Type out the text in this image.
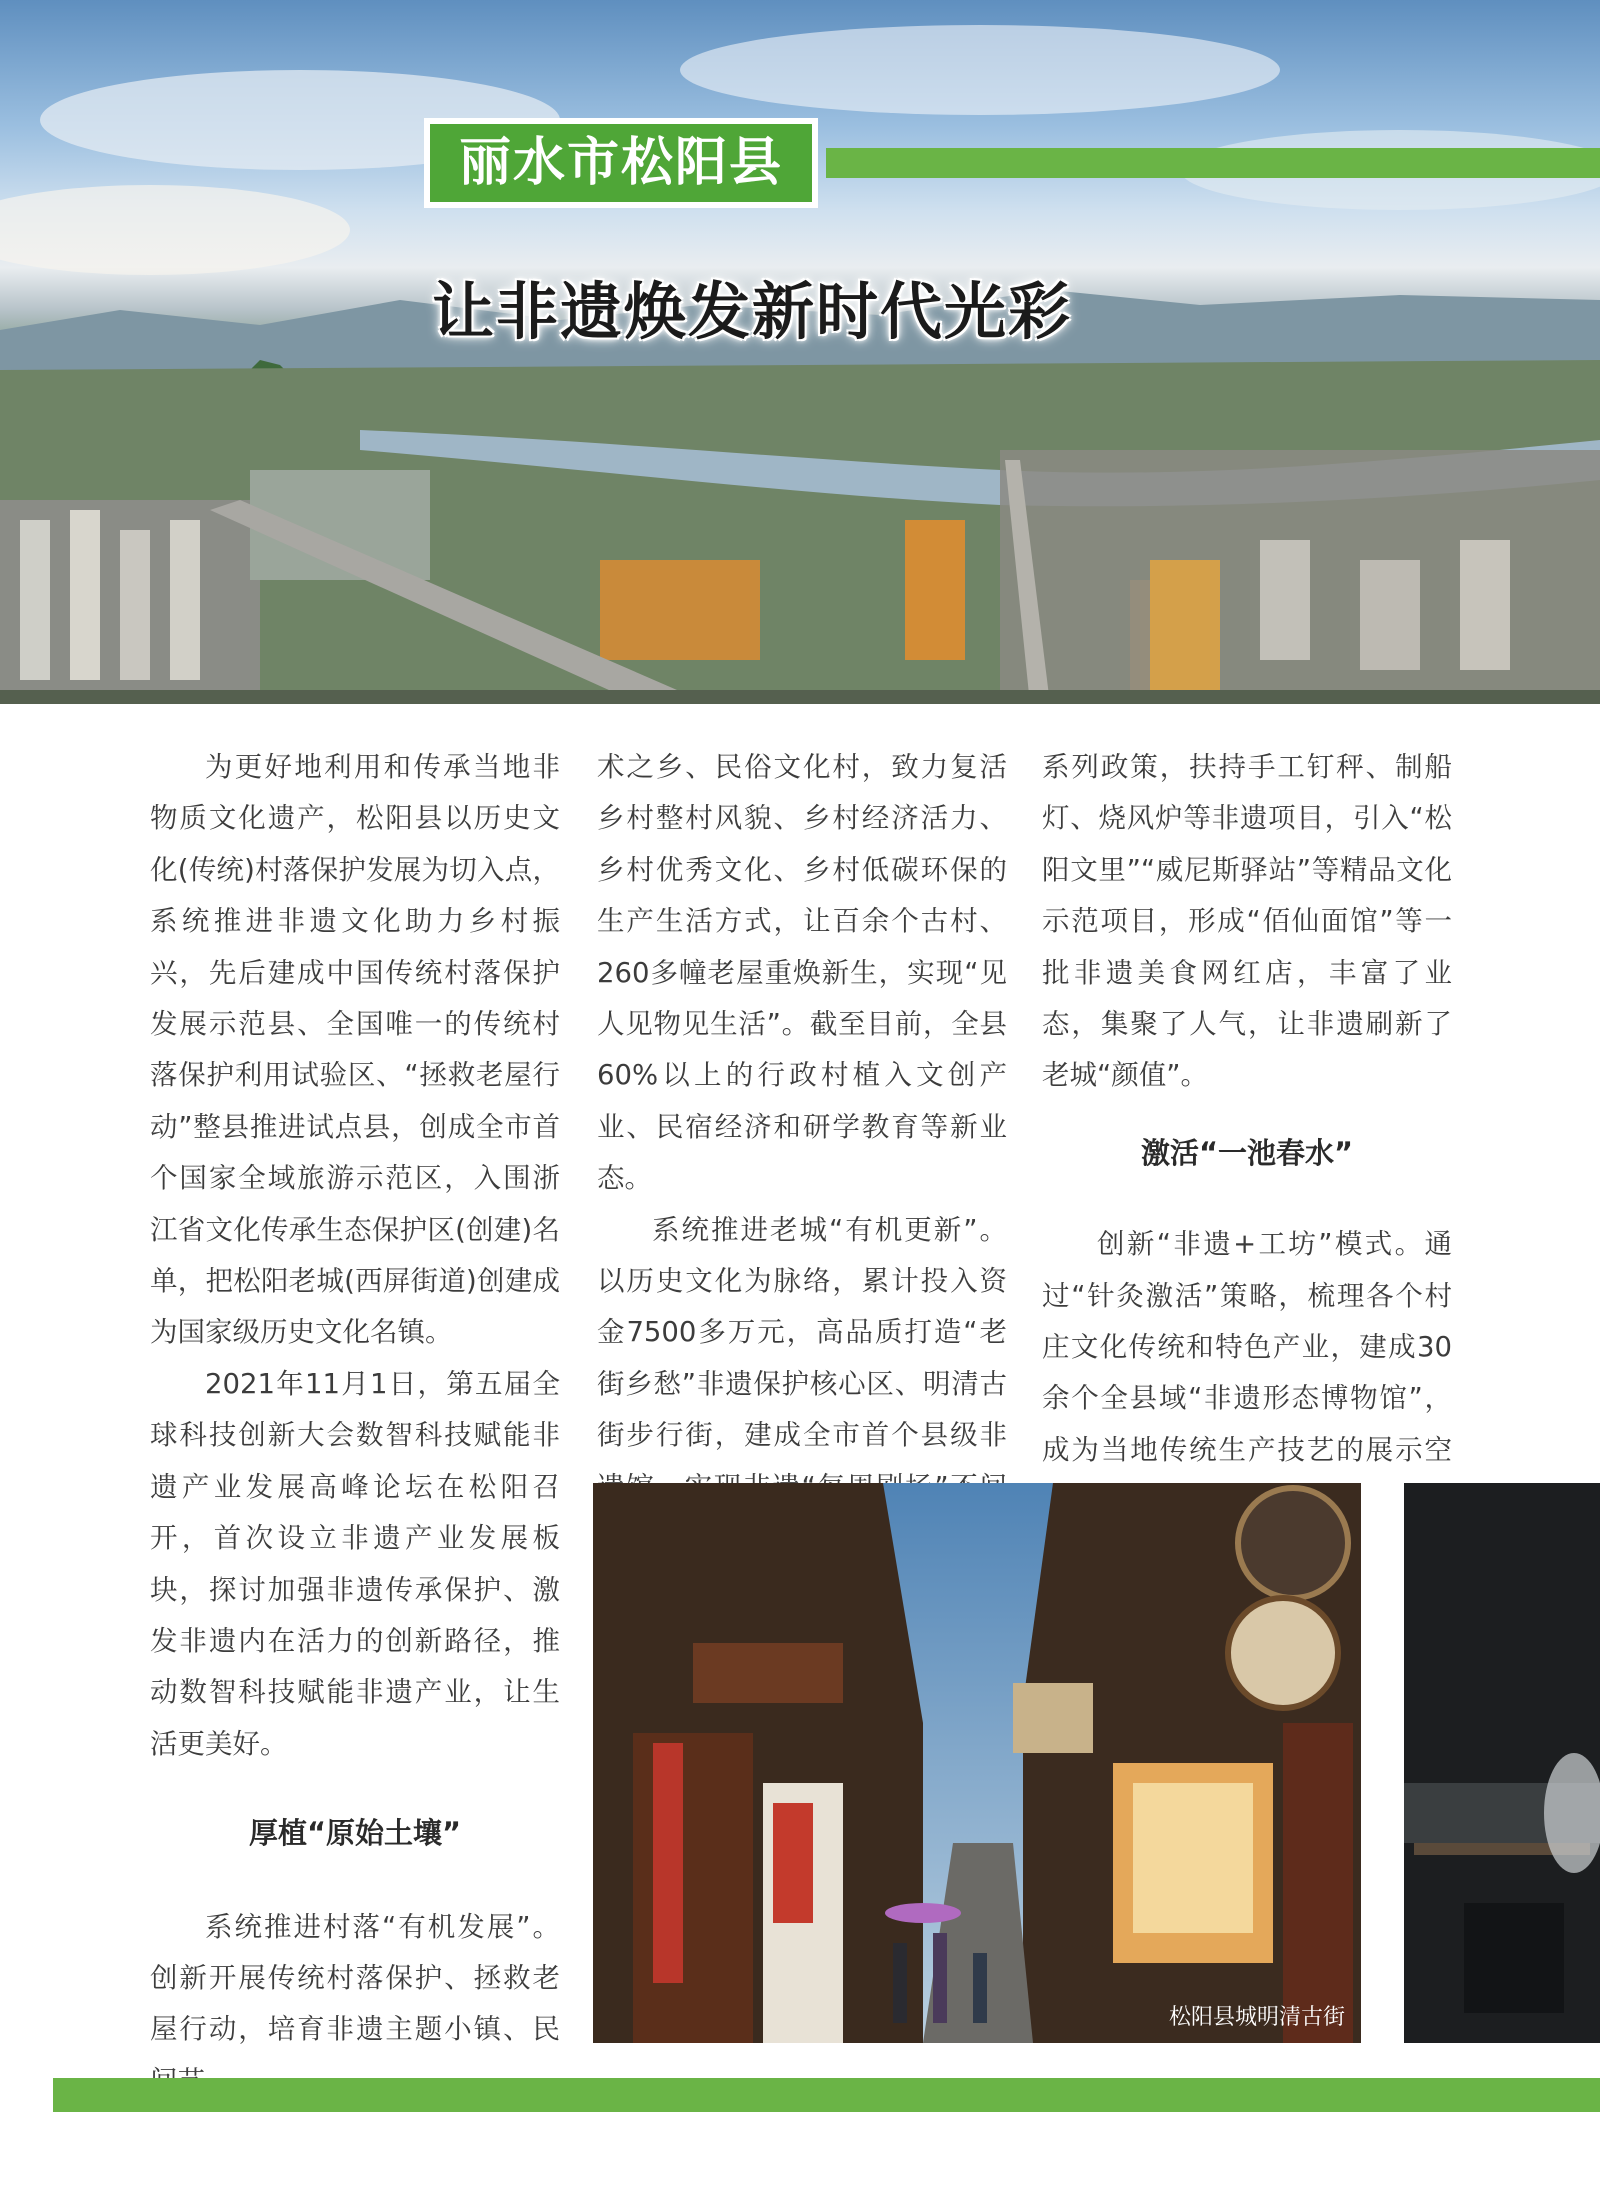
丽水市松阳县
让非遗焕发新时代光彩

为更好地利用和传承当地非物质文化遗产，松阳县以历史文化(传统)村落保护发展为切入点，系统推进非遗文化助力乡村振兴，先后建成中国传统村落保护发展示范县、全国唯一的传统村落保护利用试验区、“拯救老屋行动”整县推进试点县，创成全市首个国家全域旅游示范区，入围浙江省文化传承生态保护区(创建)名单，把松阳老城(西屏街道)创建成为国家级历史文化名镇。

2021年11月1日，第五届全球科技创新大会数智科技赋能非遗产业发展高峰论坛在松阳召开，首次设立非遗产业发展板块，探讨加强非遗传承保护、激发非遗内在活力的创新路径，推动数智科技赋能非遗产业，让生活更美好。

厚植“原始土壤”

系统推进村落“有机发展”。创新开展传统村落保护、拯救老屋行动，培育非遗主题小镇、民

术之乡、民俗文化村，致力复活乡村整村风貌、乡村经济活力、乡村优秀文化、乡村低碳环保的生产生活方式，让百余个古村、260多幢老屋重焕新生，实现“见人见物见生活”。截至目前，全县60%以上的行政村植入文创产业、民宿经济和研学教育等新业态。

系统推进老城“有机更新”。以历史文化为脉络，累计投入资金7500多万元，高品质打造“老街乡愁”非遗保护核心区、明清古街步行街，建成全市首个县级非

系列政策，扶持手工钉秤、制船灯、烧风炉等非遗项目，引入“松阳文里”“威尼斯驿站”等精品文化示范项目，形成“佰仙面馆”等一批非遗美食网红店，丰富了业态，集聚了人气，让非遗刷新了老城“颜值”。

激活“一池春水”

创新“非遗+工坊”模式。通过“针灸激活”策略，梳理各个村庄文化传统和特色产业，建成30余个全县域“非遗形态博物馆”，成为当地传统生产技艺的展示空

松阳县城明清古街
